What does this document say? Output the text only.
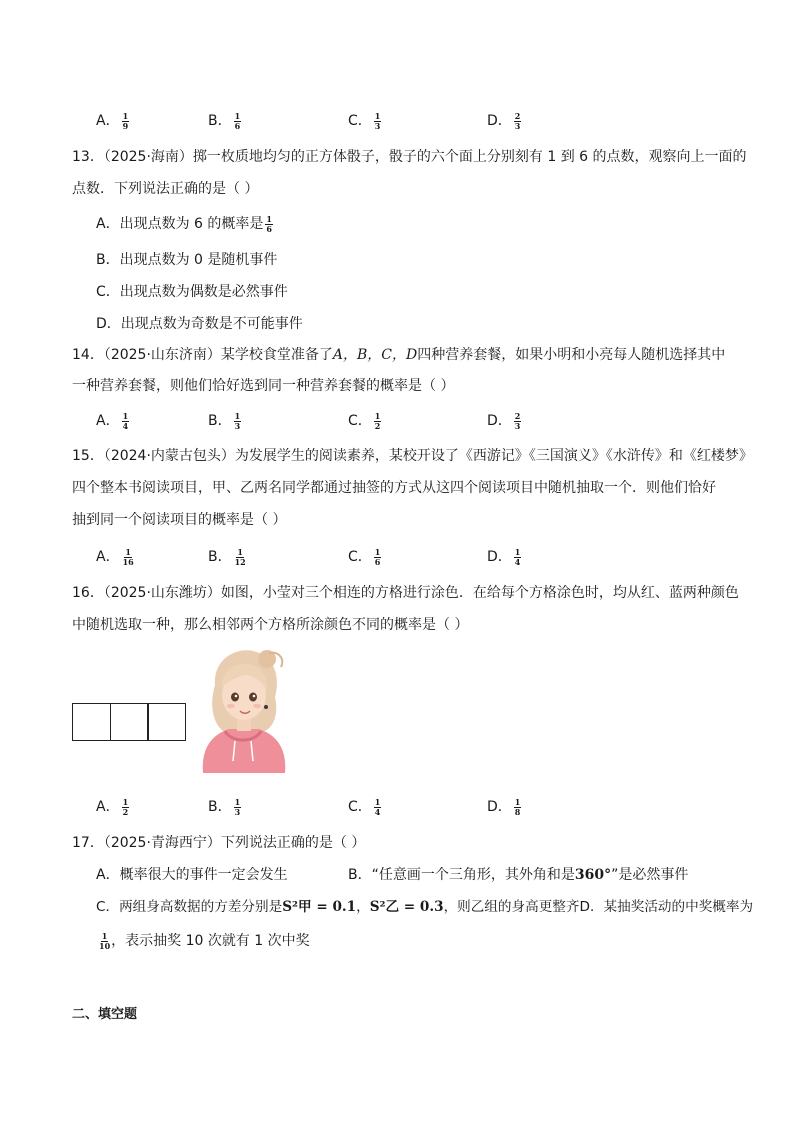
A． $\frac{1}{9}$	B． $\frac{1}{6}$	C． $\frac{1}{3}$	D． $\frac{2}{3}$
13．（2025·海南）掷一枚质地均匀的正方体骰子，骰子的六个面上分别刻有 1 到 6 的点数，观察向上一面的
点数．下列说法正确的是（ ）
A．出现点数为 6 的概率是 $\frac{1}{6}$
B．出现点数为 0 是随机事件
C．出现点数为偶数是必然事件
D．出现点数为奇数是不可能事件
14．（2025·山东济南）某学校食堂准备了A，B，C，D四种营养套餐，如果小明和小亮每人随机选择其中
一种营养套餐，则他们恰好选到同一种营养套餐的概率是（ ）
A． $\frac{1}{4}$	B． $\frac{1}{3}$	C． $\frac{1}{2}$	D． $\frac{2}{3}$
15．（2024·内蒙古包头）为发展学生的阅读素养，某校开设了《西游记》《三国演义》《水浒传》和《红楼梦》
四个整本书阅读项目，甲、乙两名同学都通过抽签的方式从这四个阅读项目中随机抽取一个．则他们恰好
抽到同一个阅读项目的概率是（ ）
A． $\frac{1}{16}$	B． $\frac{1}{12}$	C． $\frac{1}{6}$	D． $\frac{1}{4}$
16．（2025·山东潍坊）如图，小莹对三个相连的方格进行涂色．在给每个方格涂色时，均从红、蓝两种颜色
中随机选取一种，那么相邻两个方格所涂颜色不同的概率是（ ）
A． $\frac{1}{2}$	B． $\frac{1}{3}$	C． $\frac{1}{4}$	D． $\frac{1}{8}$
17．（2025·青海西宁）下列说法正确的是（ ）
A．概率很大的事件一定会发生	B．“任意画一个三角形，其外角和是360°”是必然事件
C．两组身高数据的方差分别是S²甲 = 0.1，S²乙 = 0.3，则乙组的身高更整齐D．某抽奖活动的中奖概率为
$\frac{1}{10}$ ，表示抽奖 10 次就有 1 次中奖
二、填空题
